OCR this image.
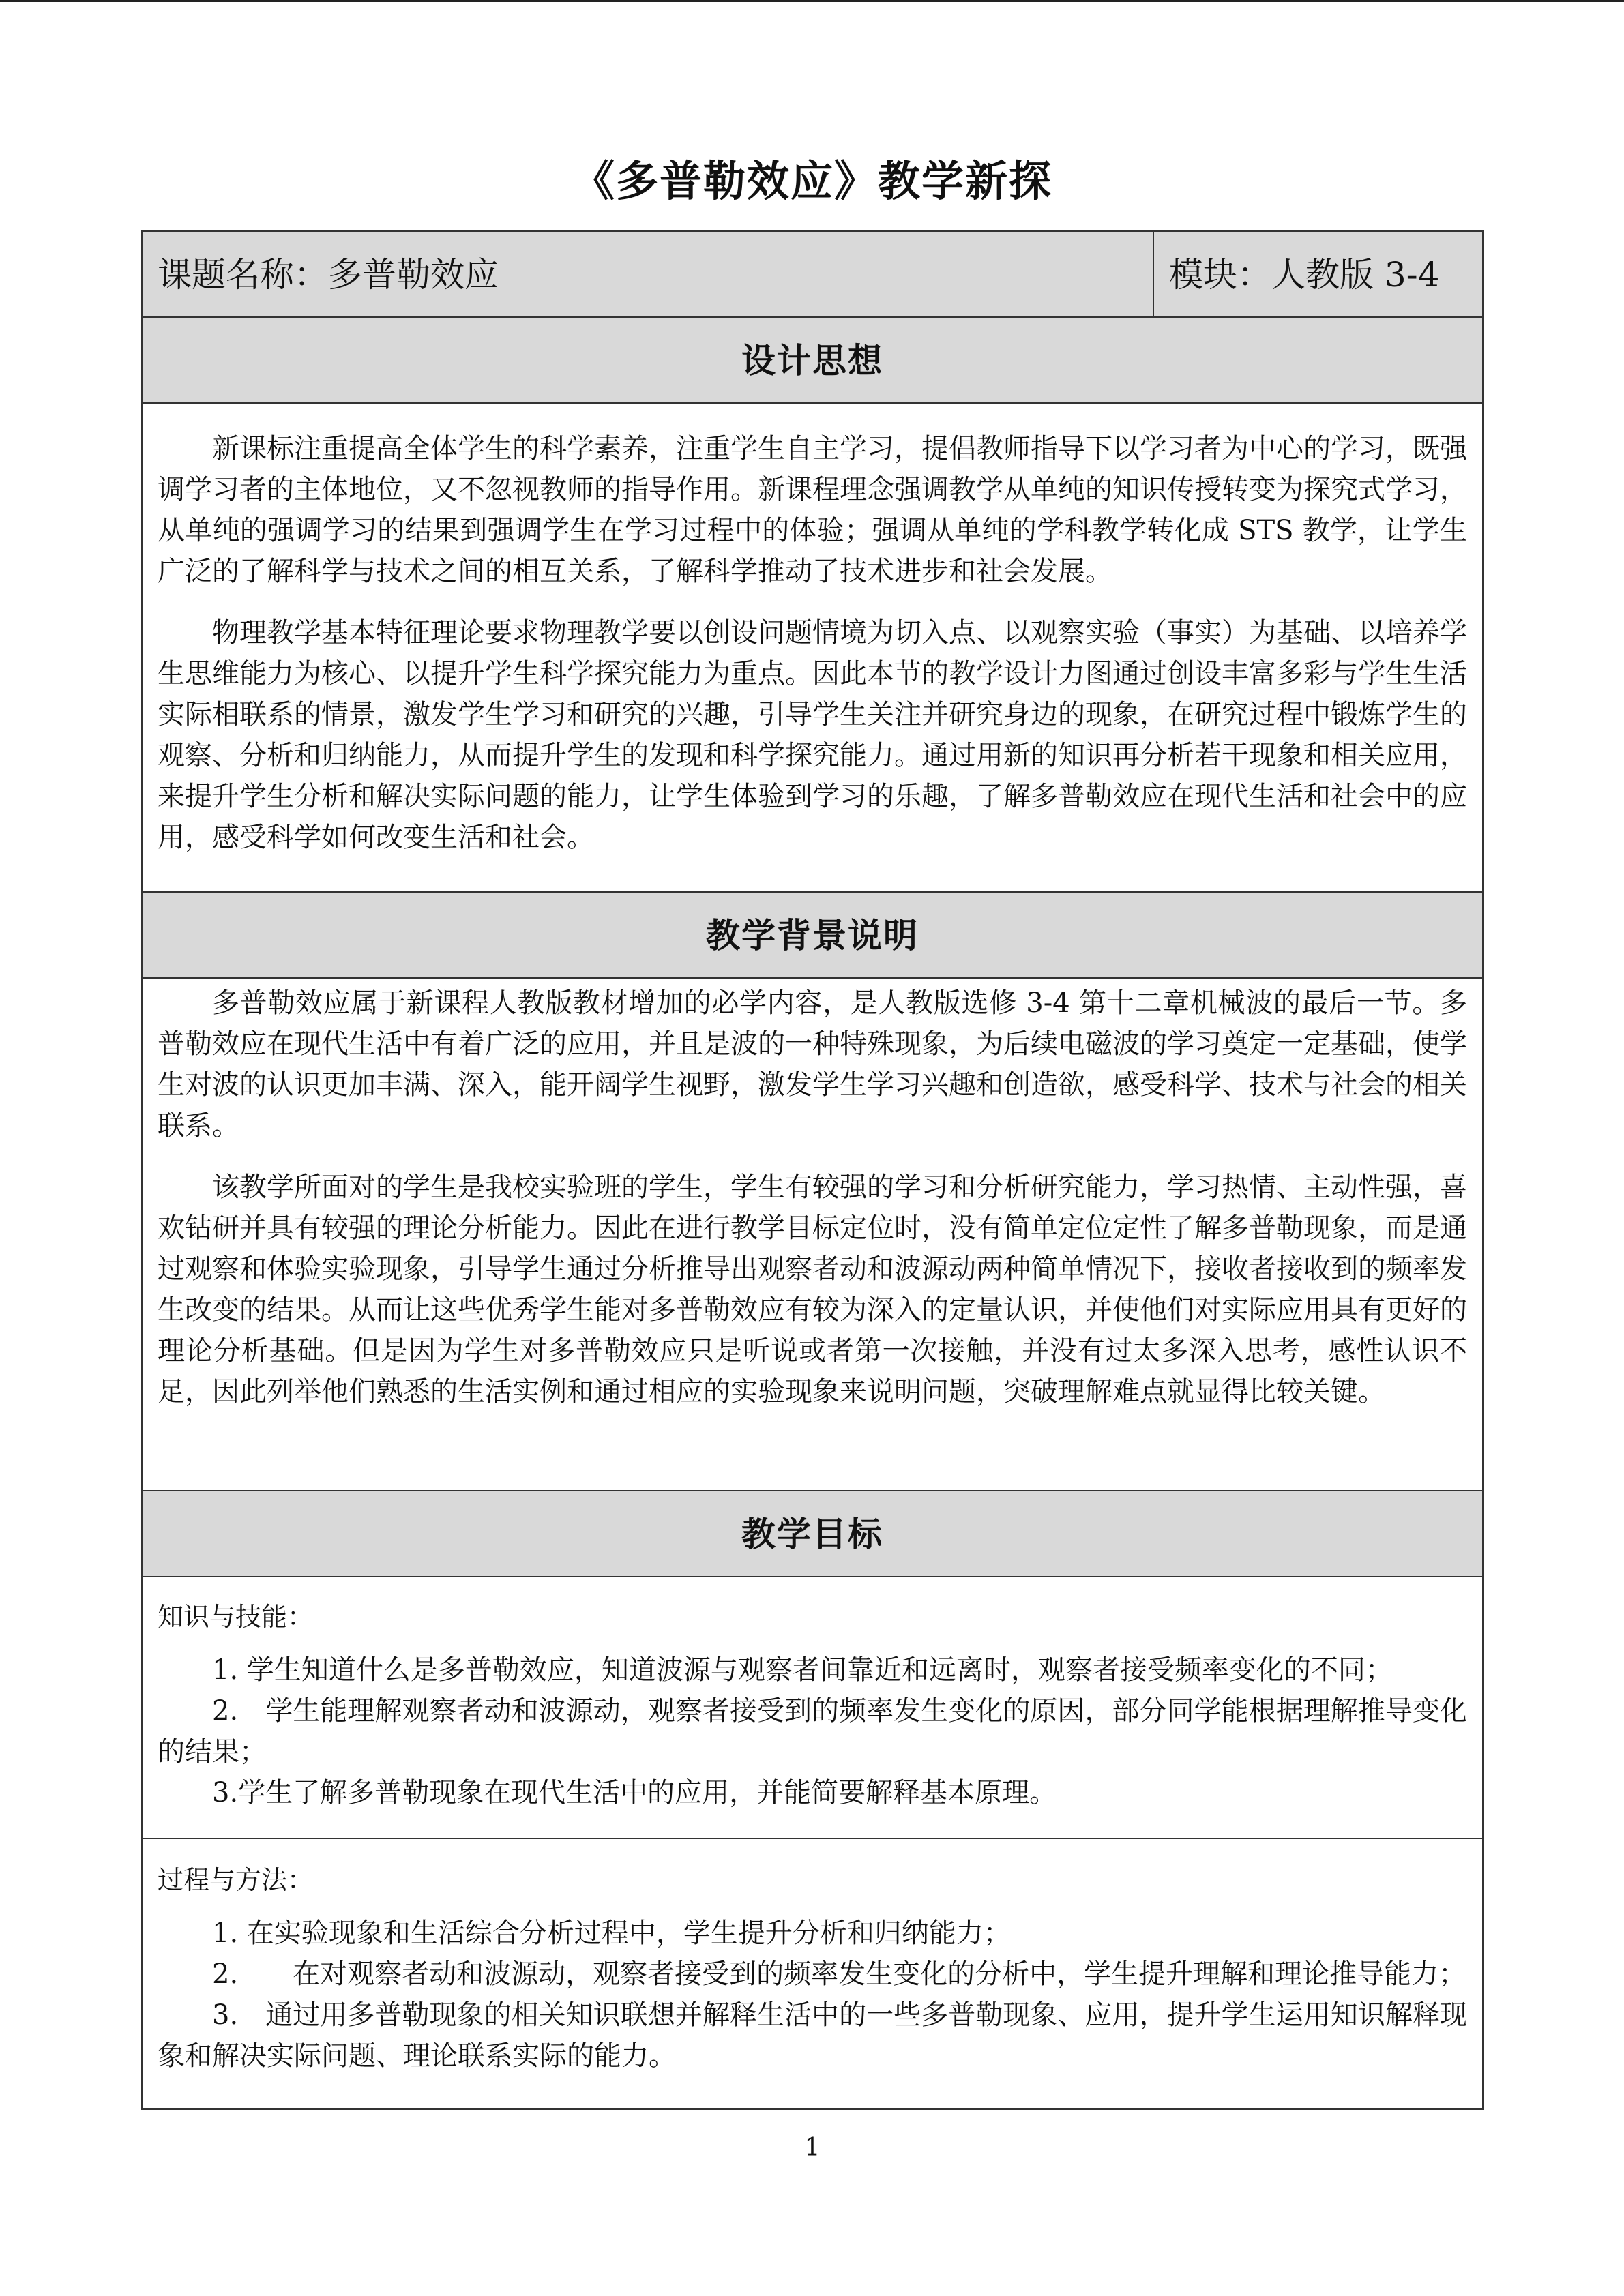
《多普勒效应》教学新探
课题名称：多普勒效应	模块：人教版 3-4
设计思想

新课标注重提高全体学生的科学素养，注重学生自主学习，提倡教师指导下以学习者为中心的学习，既强调学习者的主体地位，又不忽视教师的指导作用。新课程理念强调教学从单纯的知识传授转变为探究式学习，从单纯的强调学习的结果到强调学生在学习过程中的体验；强调从单纯的学科教学转化成 STS 教学，让学生广泛的了解科学与技术之间的相互关系，了解科学推动了技术进步和社会发展。

物理教学基本特征理论要求物理教学要以创设问题情境为切入点、以观察实验（事实）为基础、以培养学生思维能力为核心、以提升学生科学探究能力为重点。因此本节的教学设计力图通过创设丰富多彩与学生生活实际相联系的情景，激发学生学习和研究的兴趣，引导学生关注并研究身边的现象，在研究过程中锻炼学生的观察、分析和归纳能力，从而提升学生的发现和科学探究能力。通过用新的知识再分析若干现象和相关应用，来提升学生分析和解决实际问题的能力，让学生体验到学习的乐趣，了解多普勒效应在现代生活和社会中的应用，感受科学如何改变生活和社会。

教学背景说明

多普勒效应属于新课程人教版教材增加的必学内容，是人教版选修 3-4 第十二章机械波的最后一节。多普勒效应在现代生活中有着广泛的应用，并且是波的一种特殊现象，为后续电磁波的学习奠定一定基础，使学生对波的认识更加丰满、深入，能开阔学生视野，激发学生学习兴趣和创造欲，感受科学、技术与社会的相关联系。

该教学所面对的学生是我校实验班的学生，学生有较强的学习和分析研究能力，学习热情、主动性强，喜欢钻研并具有较强的理论分析能力。因此在进行教学目标定位时，没有简单定位定性了解多普勒现象，而是通过观察和体验实验现象，引导学生通过分析推导出观察者动和波源动两种简单情况下，接收者接收到的频率发生改变的结果。从而让这些优秀学生能对多普勒效应有较为深入的定量认识，并使他们对实际应用具有更好的理论分析基础。但是因为学生对多普勒效应只是听说或者第一次接触，并没有过太多深入思考，感性认识不足，因此列举他们熟悉的生活实例和通过相应的实验现象来说明问题，突破理解难点就显得比较关键。

教学目标

知识与技能：

1. 学生知道什么是多普勒效应，知道波源与观察者间靠近和远离时，观察者接受频率变化的不同；

2.　学生能理解观察者动和波源动，观察者接受到的频率发生变化的原因，部分同学能根据理解推导变化的结果；

3.学生了解多普勒现象在现代生活中的应用，并能简要解释基本原理。

过程与方法：

1. 在实验现象和生活综合分析过程中，学生提升分析和归纳能力；

2.　　在对观察者动和波源动，观察者接受到的频率发生变化的分析中，学生提升理解和理论推导能力；

3.　通过用多普勒现象的相关知识联想并解释生活中的一些多普勒现象、应用，提升学生运用知识解释现象和解决实际问题、理论联系实际的能力。

1
